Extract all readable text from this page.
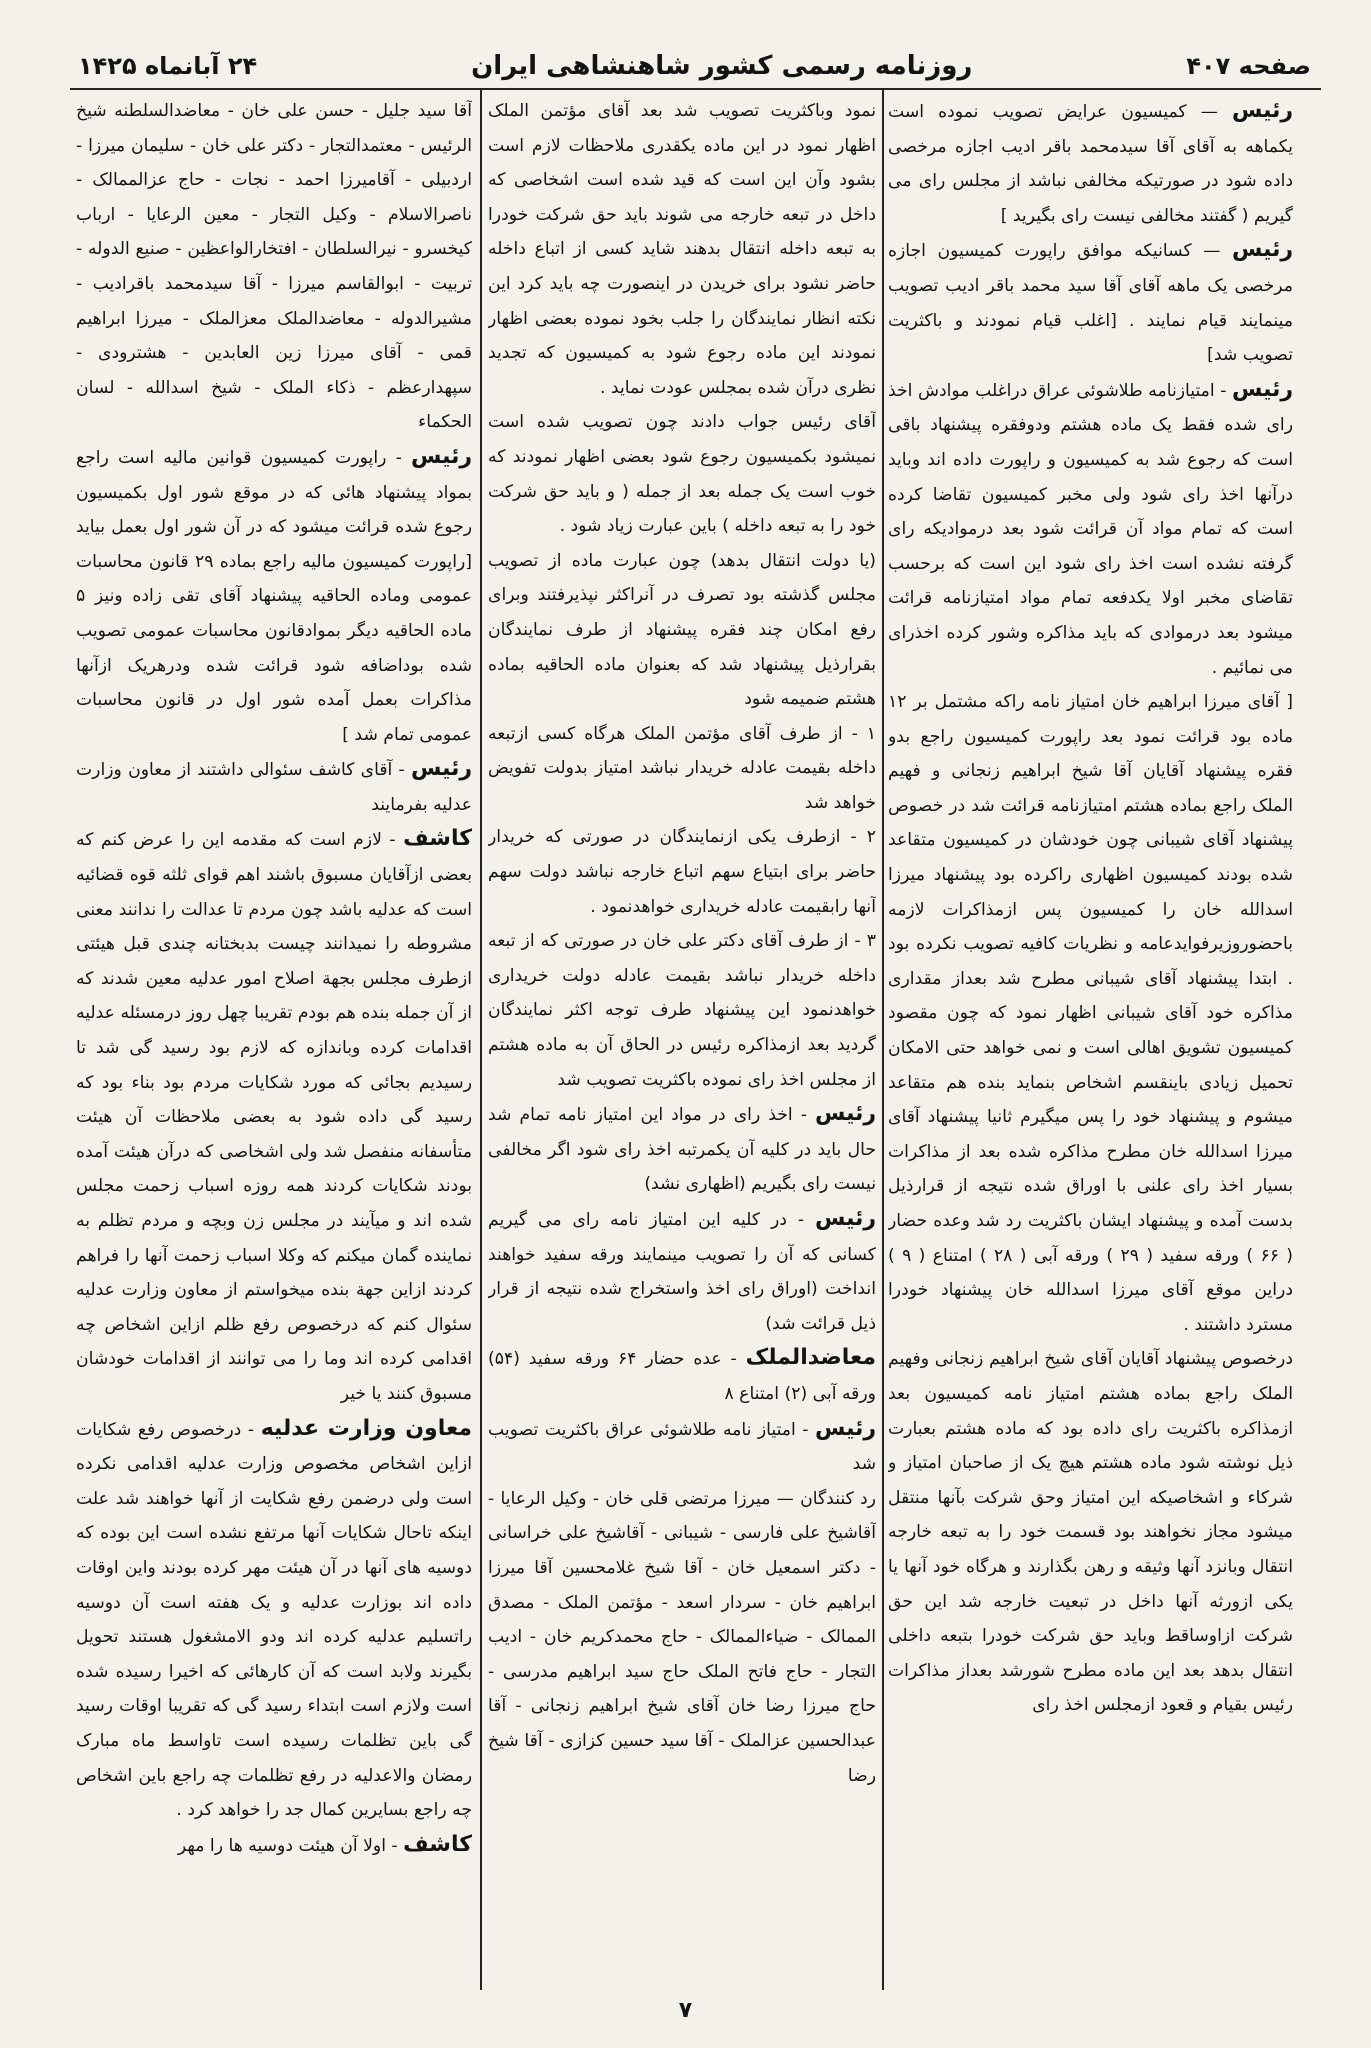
صفحه ۴۰۷
روزنامه رسمی کشور شاهنشاهی ایران
۲۴ آبانماه ۱۴۲۵

رئیس — کمیسیون عرایض تصویب نموده است یکماهه به آقای آقا سیدمحمد باقر ادیب اجازه مرخصی داده شود در صورتیکه مخالفی نباشد از مجلس رای می گیریم ( گفتند مخالفی نیست رای بگیرید ]

رئیس — کسانیکه موافق راپورت کمیسیون اجازه مرخصی یک ماهه آقای آقا سید محمد باقر ادیب تصویب مینمایند قیام نمایند . [اغلب قیام نمودند و باکثریت تصویب شد]

رئیس - امتیازنامه طلاشوئی عراق دراغلب موادش اخذ رای شده فقط یک ماده هشتم ودوفقره پیشنهاد باقی است که رجوع شد به کمیسیون و راپورت داده اند وباید درآنها اخذ رای شود ولی مخبر کمیسیون تقاضا کرده است که تمام مواد آن قرائت شود بعد درموادیکه رای گرفته نشده است اخذ رای شود این است که برحسب تقاضای مخبر اولا یکدفعه تمام مواد امتیازنامه قرائت میشود بعد درموادی که باید مذاکره وشور کرده اخذرای می نمائیم .

[ آقای میرزا ابراهیم خان امتیاز نامه راکه مشتمل بر ۱۲ ماده بود قرائت نمود بعد راپورت کمیسیون راجع بدو فقره پیشنهاد آقایان آقا شیخ ابراهیم زنجانی و فهیم الملک راجع بماده هشتم امتیازنامه قرائت شد در خصوص پیشنهاد آقای شیبانی چون خودشان در کمیسیون متقاعد شده بودند کمیسیون اظهاری راکرده بود پیشنهاد میرزا اسدالله خان را کمیسیون پس ازمذاکرات لازمه باحضوروزیرفوایدعامه و نظریات کافیه تصویب نکرده بود . ابتدا پیشنهاد آقای شیبانی مطرح شد بعداز مقداری مذاکره خود آقای شیبانی اظهار نمود که چون مقصود کمیسیون تشویق اهالی است و نمی خواهد حتی الامکان تحمیل زیادی باینقسم اشخاص بنماید بنده هم متقاعد میشوم و پیشنهاد خود را پس میگیرم ثانیا پیشنهاد آقای میرزا اسدالله خان مطرح مذاکره شده بعد از مذاکرات بسیار اخذ رای علنی با اوراق شده نتیجه از قرارذیل بدست آمده و پیشنهاد ایشان باکثریت رد شد وعده حضار ( ۶۶ ) ورقه سفید ( ۲۹ ) ورقه آبی ( ۲۸ ) امتناع ( ۹ ) دراین موقع آقای میرزا اسدالله خان پیشنهاد خودرا مسترد داشتند .

درخصوص پیشنهاد آقایان آقای شیخ ابراهیم زنجانی وفهیم الملک راجع بماده هشتم امتیاز نامه کمیسیون بعد ازمذاکره باکثریت رای داده بود که ماده هشتم بعبارت ذیل نوشته شود ماده هشتم هیچ یک از صاحبان امتیاز و شرکاء و اشخاصیکه این امتیاز وحق شرکت بآنها منتقل میشود مجاز نخواهند بود قسمت خود را به تبعه خارجه انتقال وبانزد آنها وثیقه و رهن بگذارند و هرگاه خود آنها یا یکی ازورثه آنها داخل در تبعیت خارجه شد این حق شرکت ازاوساقط وباید حق شرکت خودرا بتبعه داخلی انتقال بدهد بعد این ماده مطرح شورشد بعداز مذاکرات رئیس بقیام و قعود ازمجلس اخذ رای

نمود وباکثریت تصویب شد بعد آقای مؤتمن الملک اظهار نمود در این ماده یکقدری ملاحظات لازم است بشود وآن این است که قید شده است اشخاصی که داخل در تبعه خارجه می شوند باید حق شرکت خودرا به تبعه داخله انتقال بدهند شاید کسی از اتباع داخله حاضر نشود برای خریدن در اینصورت چه باید کرد این نکته انظار نمایندگان را جلب بخود نموده بعضی اظهار نمودند این ماده رجوع شود به کمیسیون که تجدید نظری درآن شده بمجلس عودت نماید .

آقای رئیس جواب دادند چون تصویب شده است نمیشود بکمیسیون رجوع شود بعضی اظهار نمودند که خوب است یک جمله بعد از جمله ( و باید حق شرکت خود را به تبعه داخله ) باین عبارت زیاد شود .

(یا دولت انتقال بدهد) چون عبارت ماده از تصویب مجلس گذشته بود تصرف در آنراکثر نپذیرفتند وبرای رفع امکان چند فقره پیشنهاد از طرف نمایندگان بقرارذیل پیشنهاد شد که بعنوان ماده الحاقیه بماده هشتم ضمیمه شود

۱ - از طرف آقای مؤتمن الملک هرگاه کسی ازتبعه داخله بقیمت عادله خریدار نباشد امتیاز بدولت تفویض خواهد شد

۲ - ازطرف یکی ازنمایندگان در صورتی که خریدار حاضر برای ابتیاع سهم اتباع خارجه نباشد دولت سهم آنها رابقیمت عادله خریداری خواهدنمود .

۳ - از طرف آقای دکتر علی خان در صورتی که از تبعه داخله خریدار نباشد بقیمت عادله دولت خریداری خواهدنمود این پیشنهاد طرف توجه اکثر نمایندگان گردید بعد ازمذاکره رئیس در الحاق آن به ماده هشتم از مجلس اخذ رای نموده باکثریت تصویب شد

رئیس - اخذ رای در مواد این امتیاز نامه تمام شد حال باید در کلیه آن یکمرتبه اخذ رای شود اگر مخالفی نیست رای بگیریم (اظهاری نشد)

رئیس - در کلیه این امتیاز نامه رای می گیریم کسانی که آن را تصویب مینمایند ورقه سفید خواهند انداخت (اوراق رای اخذ واستخراج شده نتیجه از قرار ذیل قرائت شد)

معاضدالملک - عده حضار ۶۴ ورقه سفید (۵۴) ورقه آبی (۲) امتناع ۸

رئیس - امتیاز نامه طلاشوئی عراق باکثریت تصویب شد

رد کنندگان — میرزا مرتضی قلی خان - وکیل الرعایا - آقاشیخ علی فارسی - شیبانی - آقاشیخ علی خراسانی - دکتر اسمعیل خان - آقا شیخ غلامحسین آقا میرزا ابراهیم خان - سردار اسعد - مؤتمن الملک - مصدق الممالک - ضیاءالممالک - حاج محمدکریم خان - ادیب التجار - حاج فاتح الملک حاج سید ابراهیم مدرسی - حاج میرزا رضا خان آقای شیخ ابراهیم زنجانی - آقا عبدالحسین عزالملک - آقا سید حسین کزازی - آقا شیخ رضا

آقا سید جلیل - حسن علی خان - معاضدالسلطنه شیخ الرئیس - معتمدالتجار - دکتر علی خان - سلیمان میرزا - اردبیلی - آقامیرزا احمد - نجات - حاج عزالممالک - ناصرالاسلام - وکیل التجار - معین الرعایا - ارباب کیخسرو - نیرالسلطان - افتخارالواعظین - صنیع الدوله - تربیت - ابوالقاسم میرزا - آقا سیدمحمد باقرادیب - مشیرالدوله - معاضدالملک معزالملک - میرزا ابراهیم قمی - آقای میرزا زین العابدین - هشترودی - سپهدارعظم - ذکاء الملک - شیخ اسدالله - لسان الحکماء

رئیس - راپورت کمیسیون قوانین مالیه است راجع بمواد پیشنهاد هائی که در موقع شور اول بکمیسیون رجوع شده قرائت میشود که در آن شور اول بعمل بیاید [راپورت کمیسیون مالیه راجع بماده ۲۹ قانون محاسبات عمومی وماده الحاقیه پیشنهاد آقای تقی زاده ونیز ۵ ماده الحاقیه دیگر بموادقانون محاسبات عمومی تصویب شده بوداضافه شود قرائت شده ودرهریک ازآنها مذاکرات بعمل آمده شور اول در قانون محاسبات عمومی تمام شد ]

رئیس - آقای کاشف سئوالی داشتند از معاون وزارت عدلیه بفرمایند

کاشف - لازم است که مقدمه این را عرض کنم که بعضی ازآقایان مسبوق باشند اهم قوای ثلثه قوه قضائیه است که عدلیه باشد چون مردم تا عدالت را ندانند معنی مشروطه را نمیدانند چیست بدبختانه چندی قبل هیئتی ازطرف مجلس بجهة اصلاح امور عدلیه معین شدند که از آن جمله بنده هم بودم تقریبا چهل روز درمسئله عدلیه اقدامات کرده وباندازه که لازم بود رسید گی شد تا رسیدیم بجائی که مورد شکایات مردم بود بناء بود که رسید گی داده شود به بعضی ملاحظات آن هیئت متأسفانه منفصل شد ولی اشخاصی که درآن هیئت آمده بودند شکایات کردند همه روزه اسباب زحمت مجلس شده اند و میآیند در مجلس زن وبچه و مردم تظلم به نماینده گمان میکنم که وکلا اسباب زحمت آنها را فراهم کردند ازاین جهة بنده میخواستم از معاون وزارت عدلیه سئوال کنم که درخصوص رفع ظلم ازاین اشخاص چه اقدامی کرده اند وما را می توانند از اقدامات خودشان مسبوق کنند یا خیر

معاون وزارت عدلیه - درخصوص رفع شکایات ازاین اشخاص مخصوص وزارت عدلیه اقدامی نکرده است ولی درضمن رفع شکایت از آنها خواهند شد علت اینکه تاحال شکایات آنها مرتفع نشده است این بوده که دوسیه های آنها در آن هیئت مهر کرده بودند واین اوقات داده اند بوزارت عدلیه و یک هفته است آن دوسیه راتسلیم عدلیه کرده اند ودو الامشغول هستند تحویل بگیرند ولابد است که آن کارهائی که اخیرا رسیده شده است ولازم است ابتداء رسید گی که تقریبا اوقات رسید گی باین تظلمات رسیده است تاواسط ماه مبارک رمضان والاعدلیه در رفع تظلمات چه راجع باین اشخاص چه راجع بسایرین کمال جد را خواهد کرد .

کاشف - اولا آن هیئت دوسیه ها را مهر

۷
